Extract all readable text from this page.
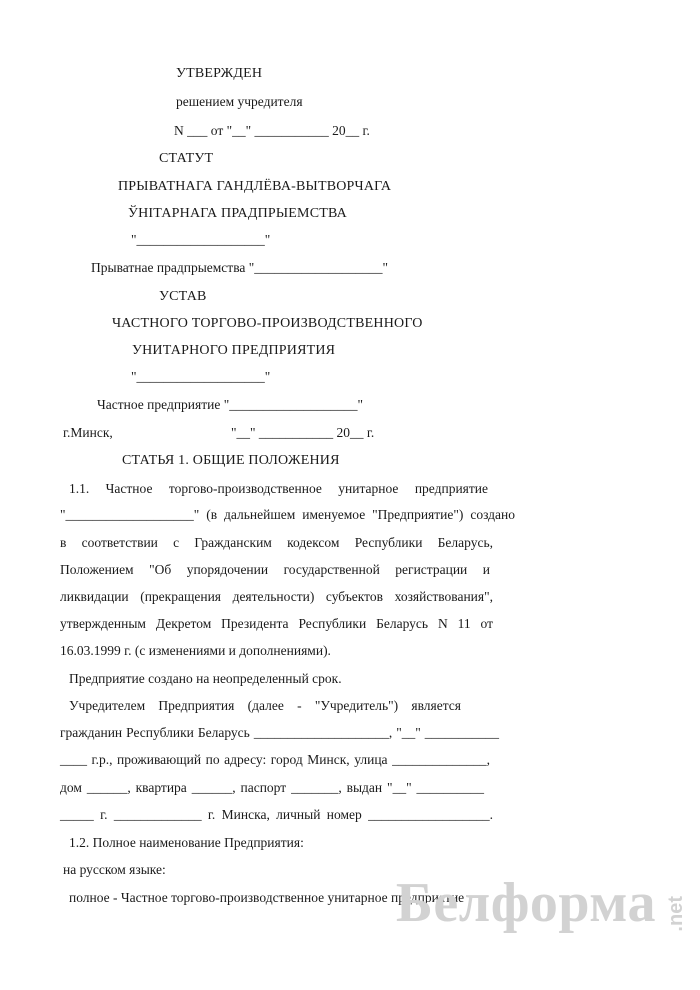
УТВЕРЖДЕН
решением учредителя
N ___ от "__" ___________ 20__ г.
СТАТУТ
ПРЫВАТНАГА ГАНДЛЁВА-ВЫТВОРЧАГА
ЎНІТАРНАГА ПРАДПРЫЕМСТВА
"___________________"
Прыватнае прадпрыемства "___________________"
УСТАВ
ЧАСТНОГО ТОРГОВО-ПРОИЗВОДСТВЕННОГО
УНИТАРНОГО ПРЕДПРИЯТИЯ
"___________________"
Частное предприятие "___________________"
г.Минск,	"__" ___________ 20__ г.
СТАТЬЯ 1. ОБЩИЕ ПОЛОЖЕНИЯ
1.1. Частное торгово-производственное унитарное предприятие
"___________________" (в дальнейшем именуемое "Предприятие") создано
в соответствии с Гражданским кодексом Республики Беларусь,
Положением "Об упорядочении государственной регистрации и
ликвидации (прекращения деятельности) субъектов хозяйствования",
утвержденным Декретом Президента Республики Беларусь N 11 от
16.03.1999 г. (с изменениями и дополнениями).
Предприятие создано на неопределенный срок.
Учредителем Предприятия (далее - "Учредитель") является
гражданин Республики Беларусь ____________________, "__" ___________
____ г.р., проживающий по адресу: город Минск, улица ______________,
дом ______, квартира ______, паспорт _______, выдан "__" __________
_____ г. _____________ г. Минска, личный номер __________________.
1.2. Полное наименование Предприятия:
на русском языке:
полное - Частное торгово-производственное унитарное предприятие
Белформа .net
